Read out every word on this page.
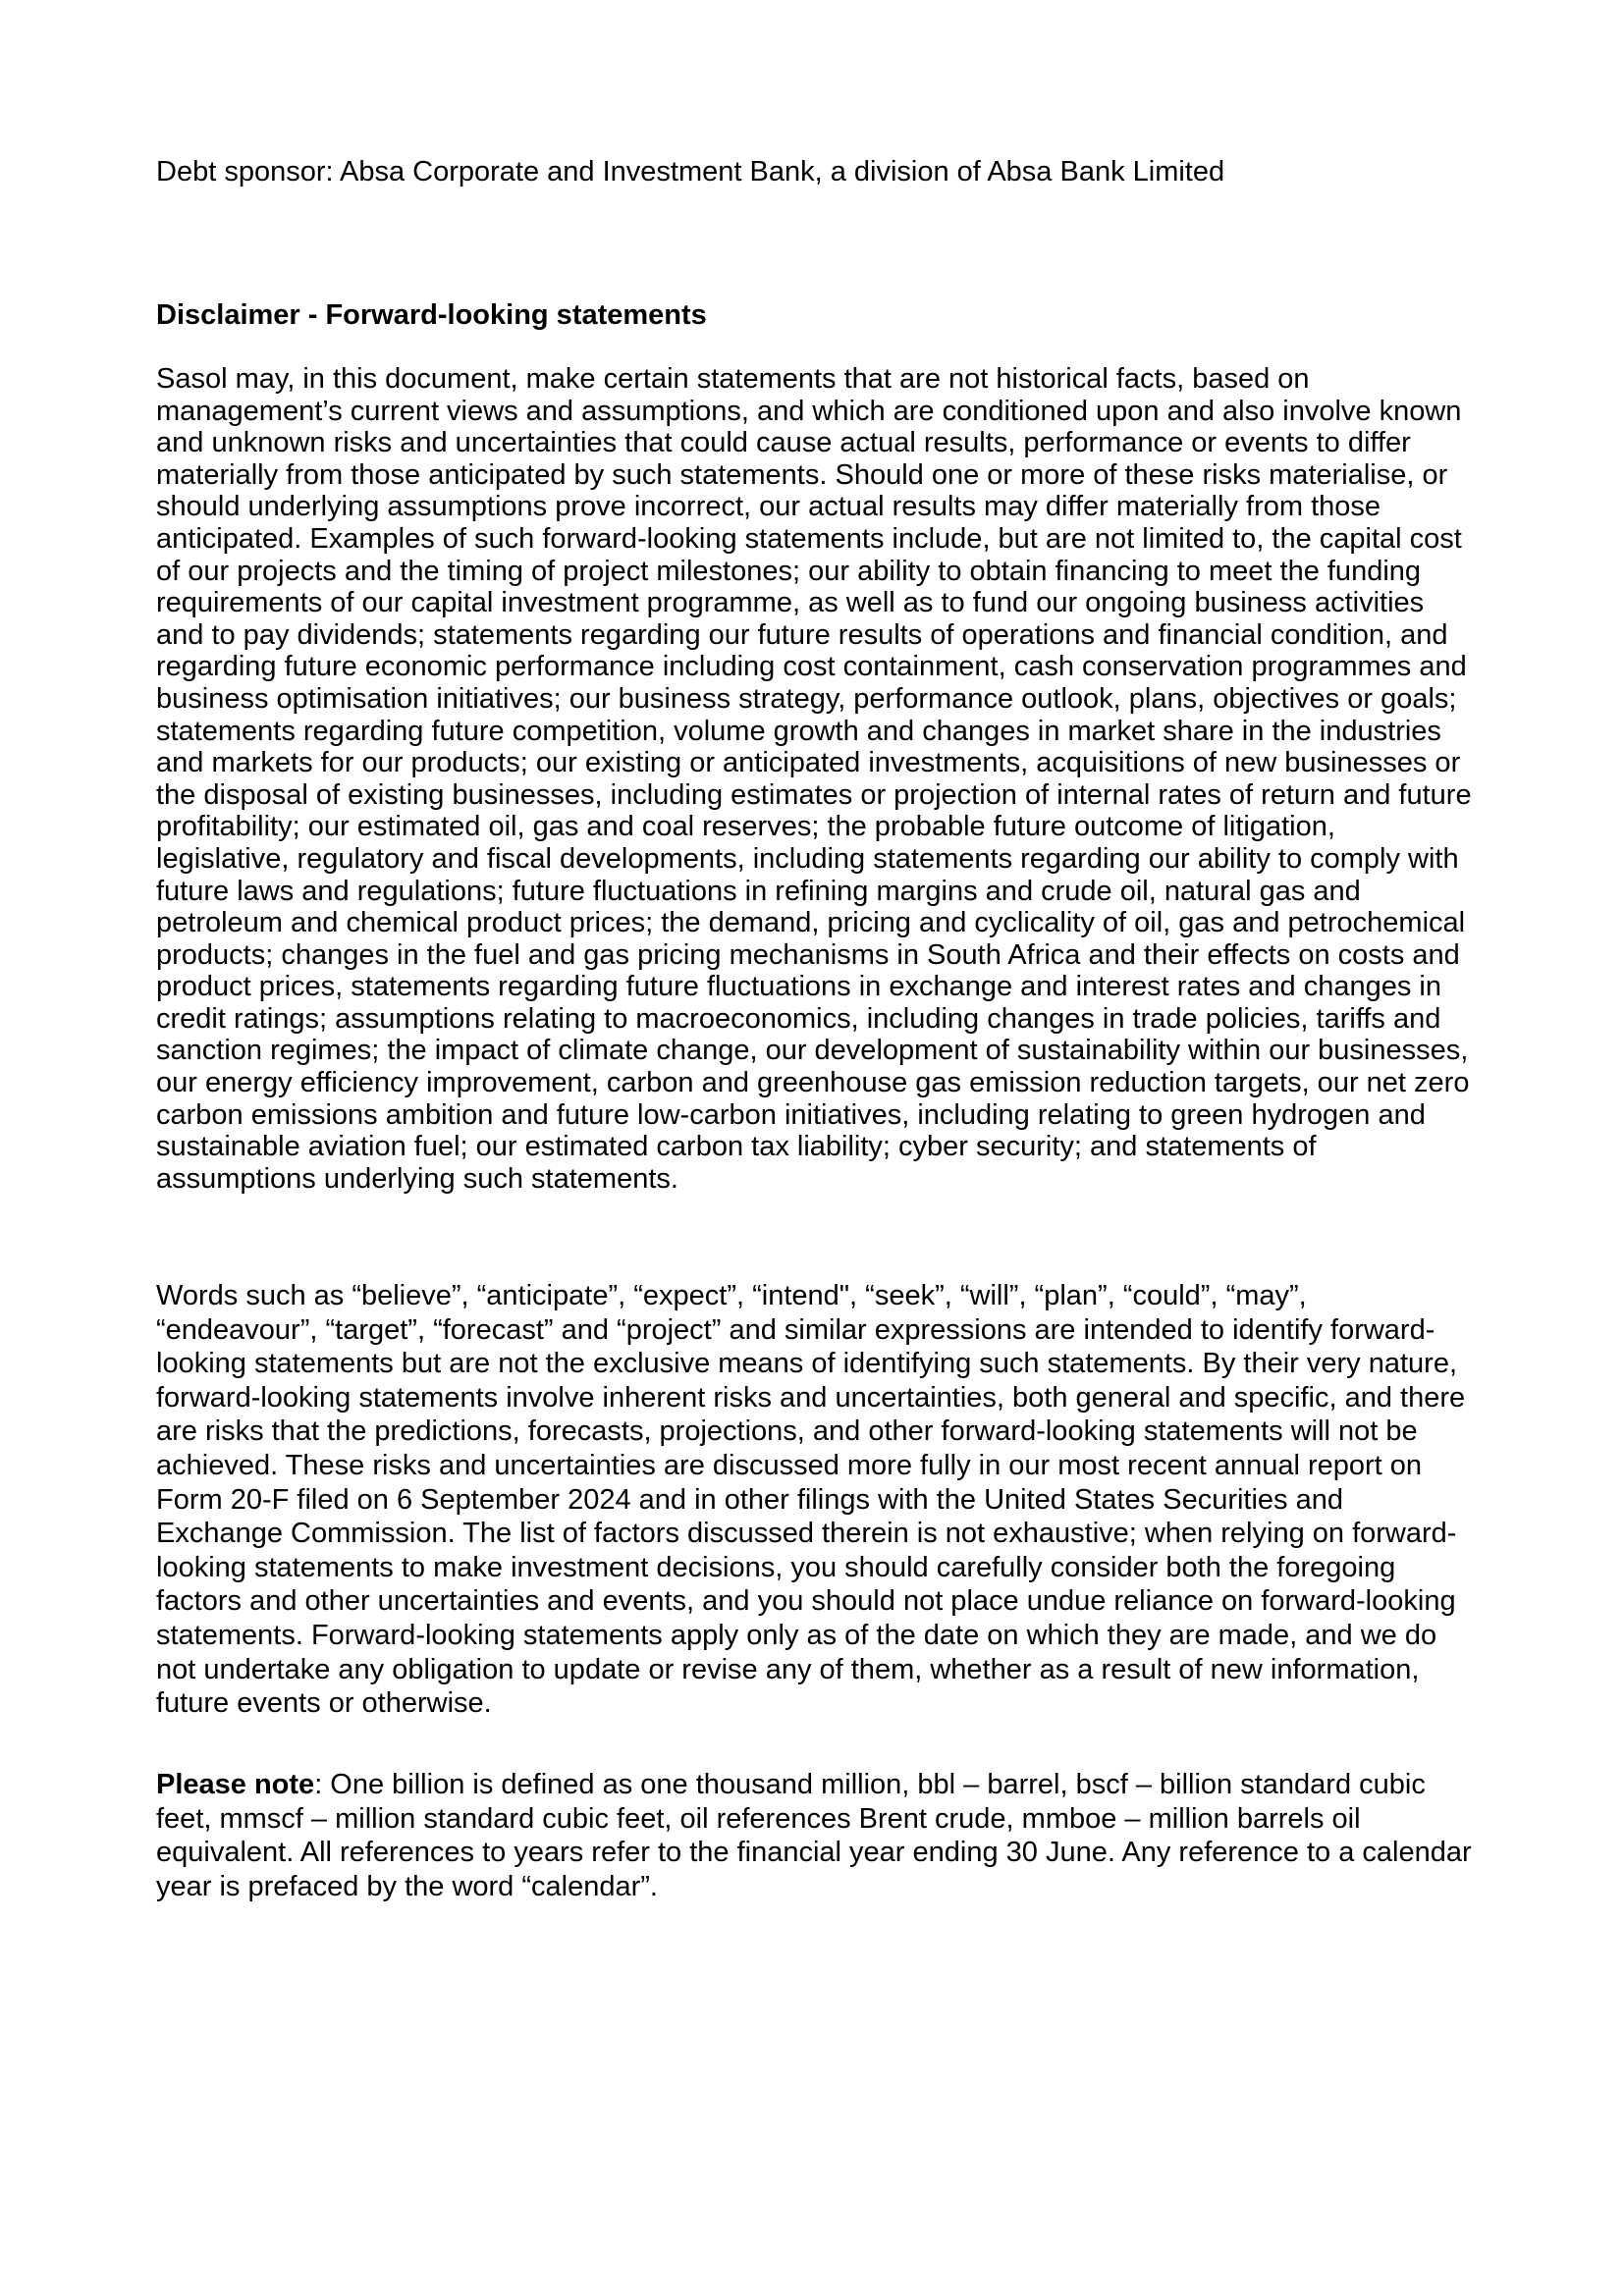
Debt sponsor: Absa Corporate and Investment Bank, a division of Absa Bank Limited
Disclaimer - Forward-looking statements

Sasol may, in this document, make certain statements that are not historical facts, based on management’s current views and assumptions, and which are conditioned upon and also involve known and unknown risks and uncertainties that could cause actual results, performance or events to differ materially from those anticipated by such statements. Should one or more of these risks materialise, or should underlying assumptions prove incorrect, our actual results may differ materially from those anticipated. Examples of such forward-looking statements include, but are not limited to, the capital cost of our projects and the timing of project milestones; our ability to obtain financing to meet the funding requirements of our capital investment programme, as well as to fund our ongoing business activities and to pay dividends; statements regarding our future results of operations and financial condition, and regarding future economic performance including cost containment, cash conservation programmes and business optimisation initiatives; our business strategy, performance outlook, plans, objectives or goals; statements regarding future competition, volume growth and changes in market share in the industries and markets for our products; our existing or anticipated investments, acquisitions of new businesses or the disposal of existing businesses, including estimates or projection of internal rates of return and future profitability; our estimated oil, gas and coal reserves; the probable future outcome of litigation, legislative, regulatory and fiscal developments, including statements regarding our ability to comply with future laws and regulations; future fluctuations in refining margins and crude oil, natural gas and petroleum and chemical product prices; the demand, pricing and cyclicality of oil, gas and petrochemical products; changes in the fuel and gas pricing mechanisms in South Africa and their effects on costs and product prices, statements regarding future fluctuations in exchange and interest rates and changes in credit ratings; assumptions relating to macroeconomics, including changes in trade policies, tariffs and sanction regimes; the impact of climate change, our development of sustainability within our businesses, our energy efficiency improvement, carbon and greenhouse gas emission reduction targets, our net zero carbon emissions ambition and future low-carbon initiatives, including relating to green hydrogen and sustainable aviation fuel; our estimated carbon tax liability; cyber security; and statements of assumptions underlying such statements.

Words such as “believe”, “anticipate”, “expect”, “intend", “seek”, “will”, “plan”, “could”, “may”, “endeavour”, “target”, “forecast” and “project” and similar expressions are intended to identify forward-looking statements but are not the exclusive means of identifying such statements. By their very nature, forward-looking statements involve inherent risks and uncertainties, both general and specific, and there are risks that the predictions, forecasts, projections, and other forward-looking statements will not be achieved. These risks and uncertainties are discussed more fully in our most recent annual report on Form 20-F filed on 6 September 2024 and in other filings with the United States Securities and Exchange Commission. The list of factors discussed therein is not exhaustive; when relying on forward-looking statements to make investment decisions, you should carefully consider both the foregoing factors and other uncertainties and events, and you should not place undue reliance on forward-looking statements. Forward-looking statements apply only as of the date on which they are made, and we do not undertake any obligation to update or revise any of them, whether as a result of new information, future events or otherwise.

Please note: One billion is defined as one thousand million, bbl – barrel, bscf – billion standard cubic feet, mmscf – million standard cubic feet, oil references Brent crude, mmboe – million barrels oil equivalent. All references to years refer to the financial year ending 30 June. Any reference to a calendar year is prefaced by the word “calendar”.
